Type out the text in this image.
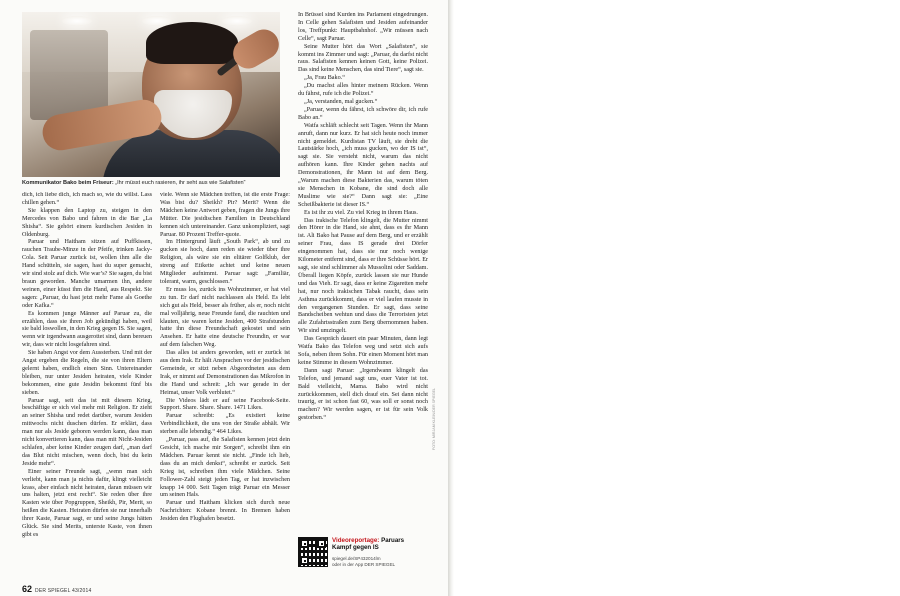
Kommunikator Bako beim Friseur: „Ihr müsst euch rasieren, ihr seht aus wie Salafisten“

dich, ich liebe dich, ich mach so, wie du willst. Lass chillen gehen.“

Sie klappen den Laptop zu, steigen in den Mercedes von Babo und fahren in die Bar „La Shisha“. Sie gehört einem kurdischen Jesiden in Oldenburg.

Paruar und Haitham sitzen auf Puffkissen, rauchen Traube-Minze in der Pfeife, trinken Jacky-Cola. Seit Paruar zurück ist, wollen ihm alle die Hand schütteln, sie sagen, hast du super gemacht, wir sind stolz auf dich. Wie war’s? Sie sagen, du bist braun geworden. Manche umarmen ihn, andere weinen, einer küsst ihm die Hand, aus Respekt. Sie sagen: „Paruar, du hast jetzt mehr Fame als Goethe oder Kafka.“

Es kommen junge Männer auf Paruar zu, die erzählen, dass sie ihren Job gekündigt haben, weil sie bald loswollen, in den Krieg gegen IS. Sie sagen, wenn wir irgendwann ausgerottet sind, dann bereuen wir, dass wir nicht losgefahren sind.

Sie haben Angst vor dem Aussterben. Und mit der Angst ergeben die Regeln, die sie von ihren Eltern gelernt haben, endlich einen Sinn. Untereinander bleiben, nur unter Jesiden heiraten, viele Kinder bekommen, eine gute Jesidin bekommt fünf bis sieben.

Paruar sagt, seit das ist mit diesem Krieg, beschäftige er sich viel mehr mit Religion. Er zieht an seiner Shisha und redet darüber, warum Jesiden mittwochs nicht duschen dürfen. Er erklärt, dass man nur als Jeside geboren werden kann, dass man nicht konvertieren kann, dass man mit Nicht-Jesiden schlafen, aber keine Kinder zeugen darf, „man darf das Blut nicht mischen, wenn doch, bist du kein Jeside mehr“.

Einer seiner Freunde sagt, „wenn man sich verliebt, kann man ja nichts dafür, klingt vielleicht krass, aber einfach nicht heiraten, daran müssen wir uns halten, jetzt erst recht“. Sie reden über ihre Kasten wie über Popgruppen, Sheikh, Pir, Merit, so heißen die Kasten. Heiraten dürfen sie nur innerhalb ihrer Kaste, Paruar sagt, er und seine Jungs hätten Glück. Sie sind Merits, unterste Kaste, von ihnen gibt es

viele. Wenn sie Mädchen treffen, ist die erste Frage: Was bist du? Sheikh? Pir? Merit? Wenn die Mädchen keine Antwort geben, fragen die Jungs ihre Mütter. Die jesidischen Familien in Deutschland kennen sich untereinander. Ganz unkompliziert, sagt Paruar. 80 Prozent Treffer-quote.

Im Hintergrund läuft „South Park“, ab und zu gucken sie hoch, dann reden sie wieder über ihre Religion, als wäre sie ein elitärer Golfklub, der streng auf Etikette achtet und keine neuen Mitglieder aufnimmt. Paruar sagt: „Familiär, tolerant, warm, geschlossen.“

Er muss los, zurück ins Wohnzimmer, er hat viel zu tun. Er darf nicht nachlassen als Held. Es lebt sich gut als Held, besser als früher, als er, noch nicht mal volljährig, neue Freunde fand, die rauchten und klauten, sie waren keine Jesiden, 400 Strafstunden hatte ihn diese Freundschaft gekostet und sein Ansehen. Er hatte eine deutsche Freundin, er war auf dem falschen Weg.

Das alles ist anders geworden, seit er zurück ist aus dem Irak. Er hält Ansprachen vor der jesidischen Gemeinde, er sitzt neben Abgeordneten aus dem Irak, er nimmt auf Demonstrationen das Mikrofon in die Hand und schreit: „Ich war gerade in der Heimat, unser Volk verblutet.“

Die Videos lädt er auf seine Facebook-Seite. Support. Share. Share. Share. 1471 Likes.

Paruar schreibt: „Es existiert keine Verbindlichkeit, die uns von der Straße abhält. Wir sterben alle lebendig.“ 464 Likes.

„Paruar, pass auf, die Salafisten kennen jetzt dein Gesicht, ich mache mir Sorgen“, schreibt ihm ein Mädchen. Paruar kennt sie nicht. „Finde ich lieb, dass du an mich denkst“, schreibt er zurück. Seit Krieg ist, schreiben ihm viele Mädchen. Seine Follower-Zahl steigt jeden Tag, er hat inzwischen knapp 14 000. Seit Tagen trägt Paruar ein Messer um seinen Hals.

Paruar und Haitham klicken sich durch neue Nachrichten: Kobane brennt. In Bremen haben Jesiden den Flughafen besetzt.

In Brüssel sind Kurden ins Parlament eingedrungen. In Celle gehen Salafisten und Jesiden aufeinander los, Treffpunkt: Hauptbahnhof. „Wir müssen nach Celle“, sagt Paruar.

Seine Mutter hört das Wort „Salafisten“, sie kommt ins Zimmer und sagt: „Paruar, du darfst nicht raus. Salafisten kennen keinen Gott, keine Polizei. Das sind keine Menschen, das sind Tiere“, sagt sie.

„Ja, Frau Bako.“

„Du machst alles hinter meinem Rücken. Wenn du fährst, rufe ich die Polizei.“

„Ja, verstanden, mal gucken.“

„Paruar, wenn du fährst, ich schwöre dir, ich rufe Babo an.“

Watfa schläft schlecht seit Tagen. Wenn ihr Mann anruft, dann nur kurz. Er hat sich heute noch immer nicht gemeldet. Kurdistan TV läuft, sie dreht die Lautstärke hoch, „ich muss gucken, wo der IS ist“, sagt sie. Sie versteht nicht, warum das nicht aufhören kann. Ihre Kinder gehen nachts auf Demonstrationen, ihr Mann ist auf dem Berg. „Warum machen diese Bakterien das, warum töten sie Menschen in Kobane, die sind doch alle Muslime wie sie?“ Dann sagt sie: „Eine Scheißbakterie ist dieser IS.“

Es ist ihr zu viel. Zu viel Krieg in ihrem Haus.

Das irakische Telefon klingelt, die Mutter nimmt den Hörer in die Hand, sie ahnt, dass es ihr Mann ist. Ali Bako hat Pause auf dem Berg, und er erzählt seiner Frau, dass IS gerade drei Dörfer eingenommen hat, dass sie nur noch wenige Kilometer entfernt sind, dass er ihre Schüsse hört. Er sagt, sie sind schlimmer als Mussolini oder Saddam. Überall liegen Köpfe, zurück lassen sie nur Hunde und das Vieh. Er sagt, dass er keine Zigaretten mehr hat, nur noch irakischen Tabak raucht, dass sein Asthma zurückkommt, dass er viel laufen musste in den vergangenen Stunden. Er sagt, dass seine Bandscheiben wehtun und dass die Terroristen jetzt alle Zufahrtsstraßen zum Berg übernommen haben. Wir sind umzingelt.

Das Gespräch dauert ein paar Minuten, dann legt Watfa Bako das Telefon weg und setzt sich aufs Sofa, neben ihren Sohn. Für einen Moment hört man keine Stimme in diesem Wohnzimmer.

Dann sagt Paruar: „Irgendwann klingelt das Telefon, und jemand sagt uns, euer Vater ist tot. Bald vielleicht, Mama. Babo wird nicht zurückkommen, stell dich drauf ein. Sei dann nicht traurig, er ist schon fast 60, was soll er sonst noch machen? Wir werden sagen, er ist für sein Volk gestorben.“

Videoreportage: Paruars
Kampf gegen IS
spiegel.de/SP432014lm
oder in der App DER SPIEGEL
FOTO: MIRJAM KLEIN/DER SPIEGEL
62 DER SPIEGEL 43/2014
